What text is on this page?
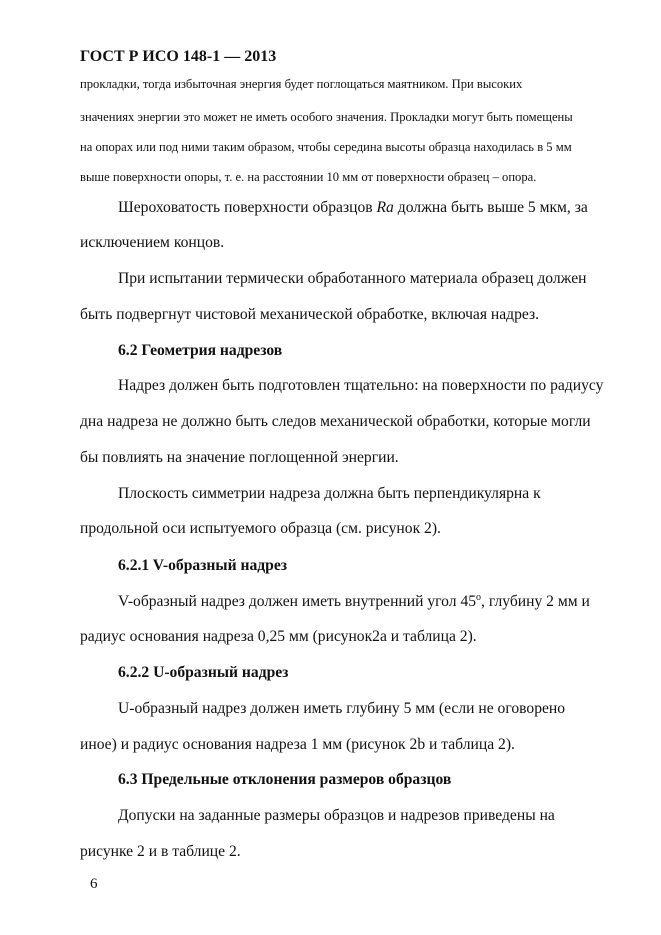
ГОСТ Р ИСО 148-1 — 2013
прокладки, тогда избыточная энергия будет поглощаться маятником. При высоких
значениях энергии это может не иметь особого значения. Прокладки могут быть помещены
на опорах или под ними таким образом, чтобы середина высоты образца находилась в 5 мм
выше поверхности опоры, т. е. на расстоянии 10 мм от поверхности образец – опора.
Шероховатость поверхности образцов Ra должна быть выше 5 мкм, за
исключением концов.
При испытании термически обработанного материала образец должен
быть подвергнут чистовой механической обработке, включая надрез.
6.2 Геометрия надрезов
Надрез должен быть подготовлен тщательно: на поверхности по радиусу
дна надреза не должно быть следов механической обработки, которые могли
бы повлиять на значение поглощенной энергии.
Плоскость симметрии надреза должна быть перпендикулярна к
продольной оси испытуемого образца (см. рисунок 2).
6.2.1 V-образный надрез
V-образный надрез должен иметь внутренний угол $45^о$, глубину 2 мм и
радиус основания надреза 0,25 мм (рисунок2а и таблица 2).
6.2.2 U-образный надрез
U-образный надрез должен иметь глубину 5 мм (если не оговорено
иное) и радиус основания надреза 1 мм (рисунок 2b и таблица 2).
6.3 Предельные отклонения размеров образцов
Допуски на заданные размеры образцов и надрезов приведены на
рисунке 2 и в таблице 2.
6
